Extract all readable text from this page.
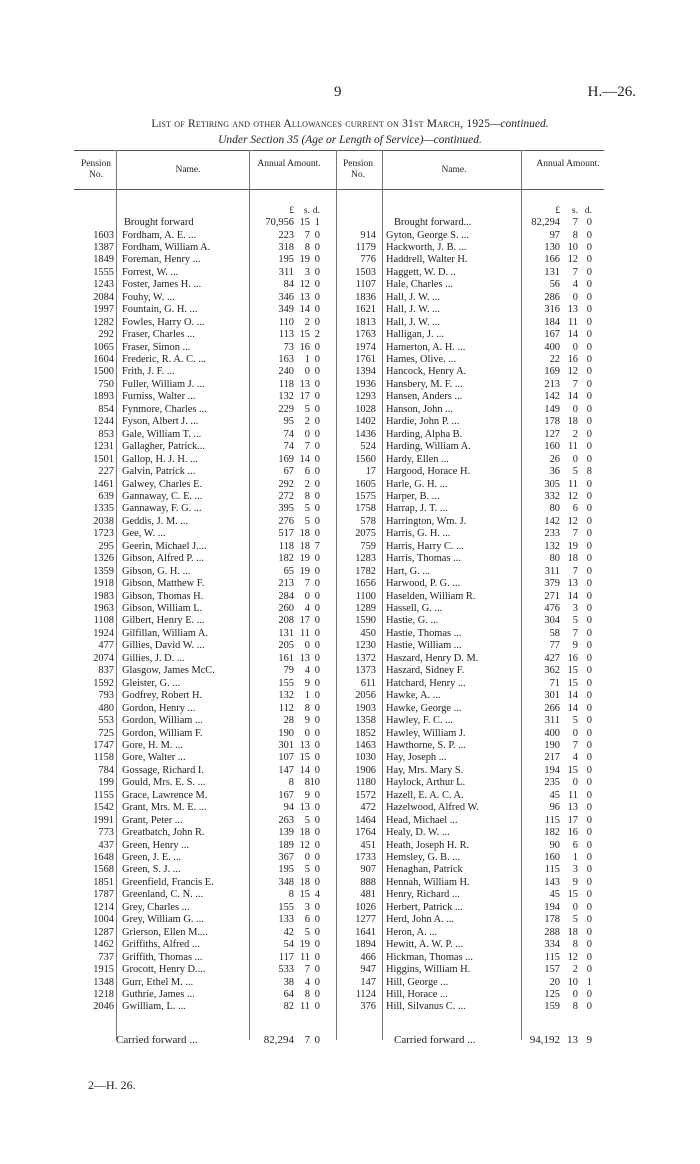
9	H.—26.
List of Retiring and other Allowances current on 31st March, 1925—continued.
Under Section 35 (Age or Length of Service)—continued.
Pension No.	Name.
Annual Amount.	Pension No.	Name.
Annual Amount.
£	s. d.
Brought forward	70,956 15 1
1603 Fordham, A. E. ...	223	7 0
1387 Fordham, William A.	318	8 0
1849 Foreman, Henry ...	195 19 0
1555 Forrest, W. ...	311	3 0
1243 Foster, James H. ...	84 12 0
2084 Fouhy, W. ...	346 13 0
1997 Fountain, G. H. ...	349 14 0
1282 Fowles, Harry O. ...	110	2 0
292 Fraser, Charles ...	113 15 2
1065 Fraser, Simon ...	73 16 0
1604 Frederic, R. A. C. ...	163	1 0
1500 Frith, J. F. ...	240	0 0
750 Fuller, William J. ...	118 13 0
1893 Furniss, Walter ...	132 17 0
854 Fynmore, Charles ...	229	5 0
1244 Fyson, Albert J. ...	95	2 0
853 Gale, William T. ...	74	0 0
1231 Gallagher, Patrick...	74	7 0
1501 Gallop, H. J. H. ...	169 14 0
227 Galvin, Patrick ...	67	6 0
1461 Galwey, Charles E.	292	2 0
639 Gannaway, C. E. ...	272	8 0
1335 Gannaway, F. G. ...	395	5 0
2038 Geddis, J. M. ...	276	5 0
1723 Gee, W. ...	517 18 0
295 Geerin, Michael J....	118 18 7
1326 Gibson, Alfred P. ...	182 19 0
1359 Gibson, G. H. ...	65 19 0
1918 Gibson, Matthew F.	213	7 0
1983 Gibson, Thomas H.	284	0 0
1963 Gibson, William L.	260	4 0
1108 Gilbert, Henry E. ...	208 17 0
1924 Gilfillan, William A.	131 11 0
477 Gillies, David W. ...	205	0 0
2074 Gillies, J. D. ...	161 13 0
837 Glasgow, James McC.	79	4 0
1592 Gleister, G. ...	155	9 0
793 Godfrey, Robert H.	132	1 0
480 Gordon, Henry ...	112	8 0
553 Gordon, William ...	28	9 0
725 Gordon, William F.	190	0 0
1747 Gore, H. M. ...	301 13 0
1158 Gore, Walter ...	107 15 0
784 Gossage, Richard I.	147 14 0
199 Gould, Mrs. E. S. ...	8	8 10
1155 Grace, Lawrence M.	167	9 0
1542 Grant, Mrs. M. E. ...	94 13 0
1991 Grant, Peter ...	263	5 0
773 Greatbatch, John R.	139 18 0
437 Green, Henry ...	189 12 0
1648 Green, J. E. ...	367	0 0
1568 Green, S. J. ...	195	5 0
1851 Greenfield, Francis E.	348 18 0
1787 Greenland, C. N. ...	8 15 4
1214 Grey, Charles ...	155	3 0
1004 Grey, William G. ...	133	6 0
1287 Grierson, Ellen M....	42	5 0
1462 Griffiths, Alfred ...	54 19 0
737 Griffith, Thomas ...	117 11 0
1915 Grocott, Henry D....	533	7 0
1348 Gurr, Ethel M. ...	38	4 0
1218 Guthrie, James ...	64	8 0
2046 Gwilliam, L. ...	82 11 0
Carried forward ...	82,294 7 0
£	s. d.
Brought forward...	82,294	7 0
914 Gyton, George S. ...	97	8 0
1179 Hackworth, J. B. ...	130 10 0
776 Haddrell, Walter H.	166 12 0
1503 Haggett, W. D. ..	131	7 0
1107 Hale, Charles ...	56	4 0
1836 Hall, J. W. ...	286	0 0
1621 Hall, J. W. ...	316 13 0
1813 Hall, J. W. ...	184 11 0
1763 Halligan, J. ...	167 14 0
1974 Hamerton, A. H. ...	400	0 0
1761 Hames, Olive. ...	22 16 0
1394 Hancock, Henry A.	169 12 0
1936 Hansbery, M. F. ...	213	7 0
1293 Hansen, Anders ...	142 14 0
1028 Hanson, John ...	149	0 0
1402 Hardie, John P. ...	178 18 0
1436 Harding, Alpha B.	127	2 0
524 Harding, William A.	160 11 0
1560 Hardy, Ellen ...	26	0 0
17 Hargood, Horace H.	36	5 8
1605 Harle, G. H. ...	305 11 0
1575 Harper, B. ...	332 12 0
1758 Harrap, J. T. ...	80	6 0
578 Harrington, Wm. J.	142 12 0
2075 Harris, G. H. ...	233	7 0
759 Harris, Harry C. ...	132 19 0
1283 Harris, Thomas ...	80 18 0
1782 Hart, G. ...	311	7 0
1656 Harwood, P. G. ...	379 13 0
1100 Haselden, William R.	271 14 0
1289 Hassell, G. ...	476	3 0
1590 Hastie, G. ...	304	5 0
450 Hastie, Thomas ...	58	7 0
1230 Hastie, William ...	77	9 0
1372 Haszard, Henry D. M.	427 16 0
1373 Haszard, Sidney F.	362 15 0
611 Hatchard, Henry ...	71 15 0
2056 Hawke, A. ...	301 14 0
1903 Hawke, George ...	266 14 0
1358 Hawley, F. C. ...	311	5 0
1852 Hawley, William J.	400	0 0
1463 Hawthorne, S. P. ...	190	7 0
1030 Hay, Joseph ...	217	4 0
1906 Hay, Mrs. Mary S.	194 15 0
1180 Haylock, Arthur L.	235	0 0
1572 Hazell, E. A. C. A.	45 11 0
472 Hazelwood, Alfred W.	96 13 0
1464 Head, Michael ...	115 17 0
1764 Healy, D. W. ...	182 16 0
451 Heath, Joseph H. R.	90	6 0
1733 Hemsley, G. B. ...	160	1 0
907 Henaghan, Patrick	115	3 0
888 Hennah, William H.	143	9 0
481 Henry, Richard ...	45 15 0
1026 Herbert, Patrick ...	194	0 0
1277 Herd, John A. ...	178	5 0
1641 Heron, A. ...	288 18 0
1894 Hewitt, A. W. P. ...	334	8 0
466 Hickman, Thomas ...	115 12 0
947 Higgins, William H.	157	2 0
147 Hill, George ...	20 10 1
1124 Hill, Horace ...	125	0 0
376 Hill, Silvanus C. ...	159	8 0
Carried forward ...	94,192 13 9
2—H. 26.
